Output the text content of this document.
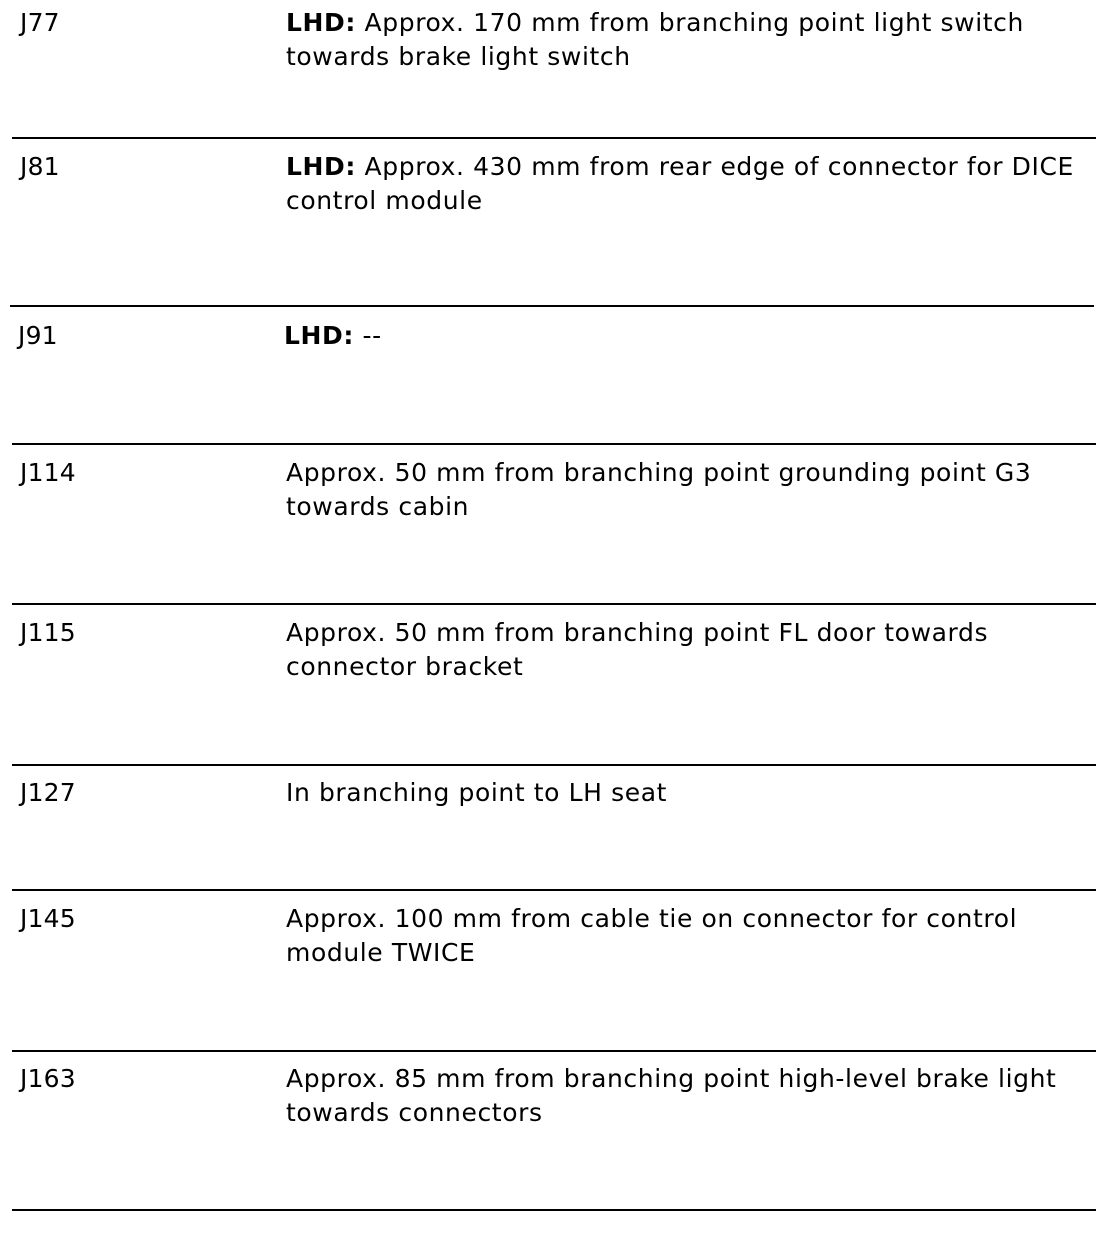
J77	LHD: Approx. 170 mm from branching point light switch towards brake light switch
J81	LHD: Approx. 430 mm from rear edge of connector for DICE control module
J91	LHD: --
J114	Approx. 50 mm from branching point grounding point G3 towards cabin
J115	Approx. 50 mm from branching point FL door towards connector bracket
J127	In branching point to LH seat
J145	Approx. 100 mm from cable tie on connector for control module TWICE
J163	Approx. 85 mm from branching point high-level brake light towards connectors
